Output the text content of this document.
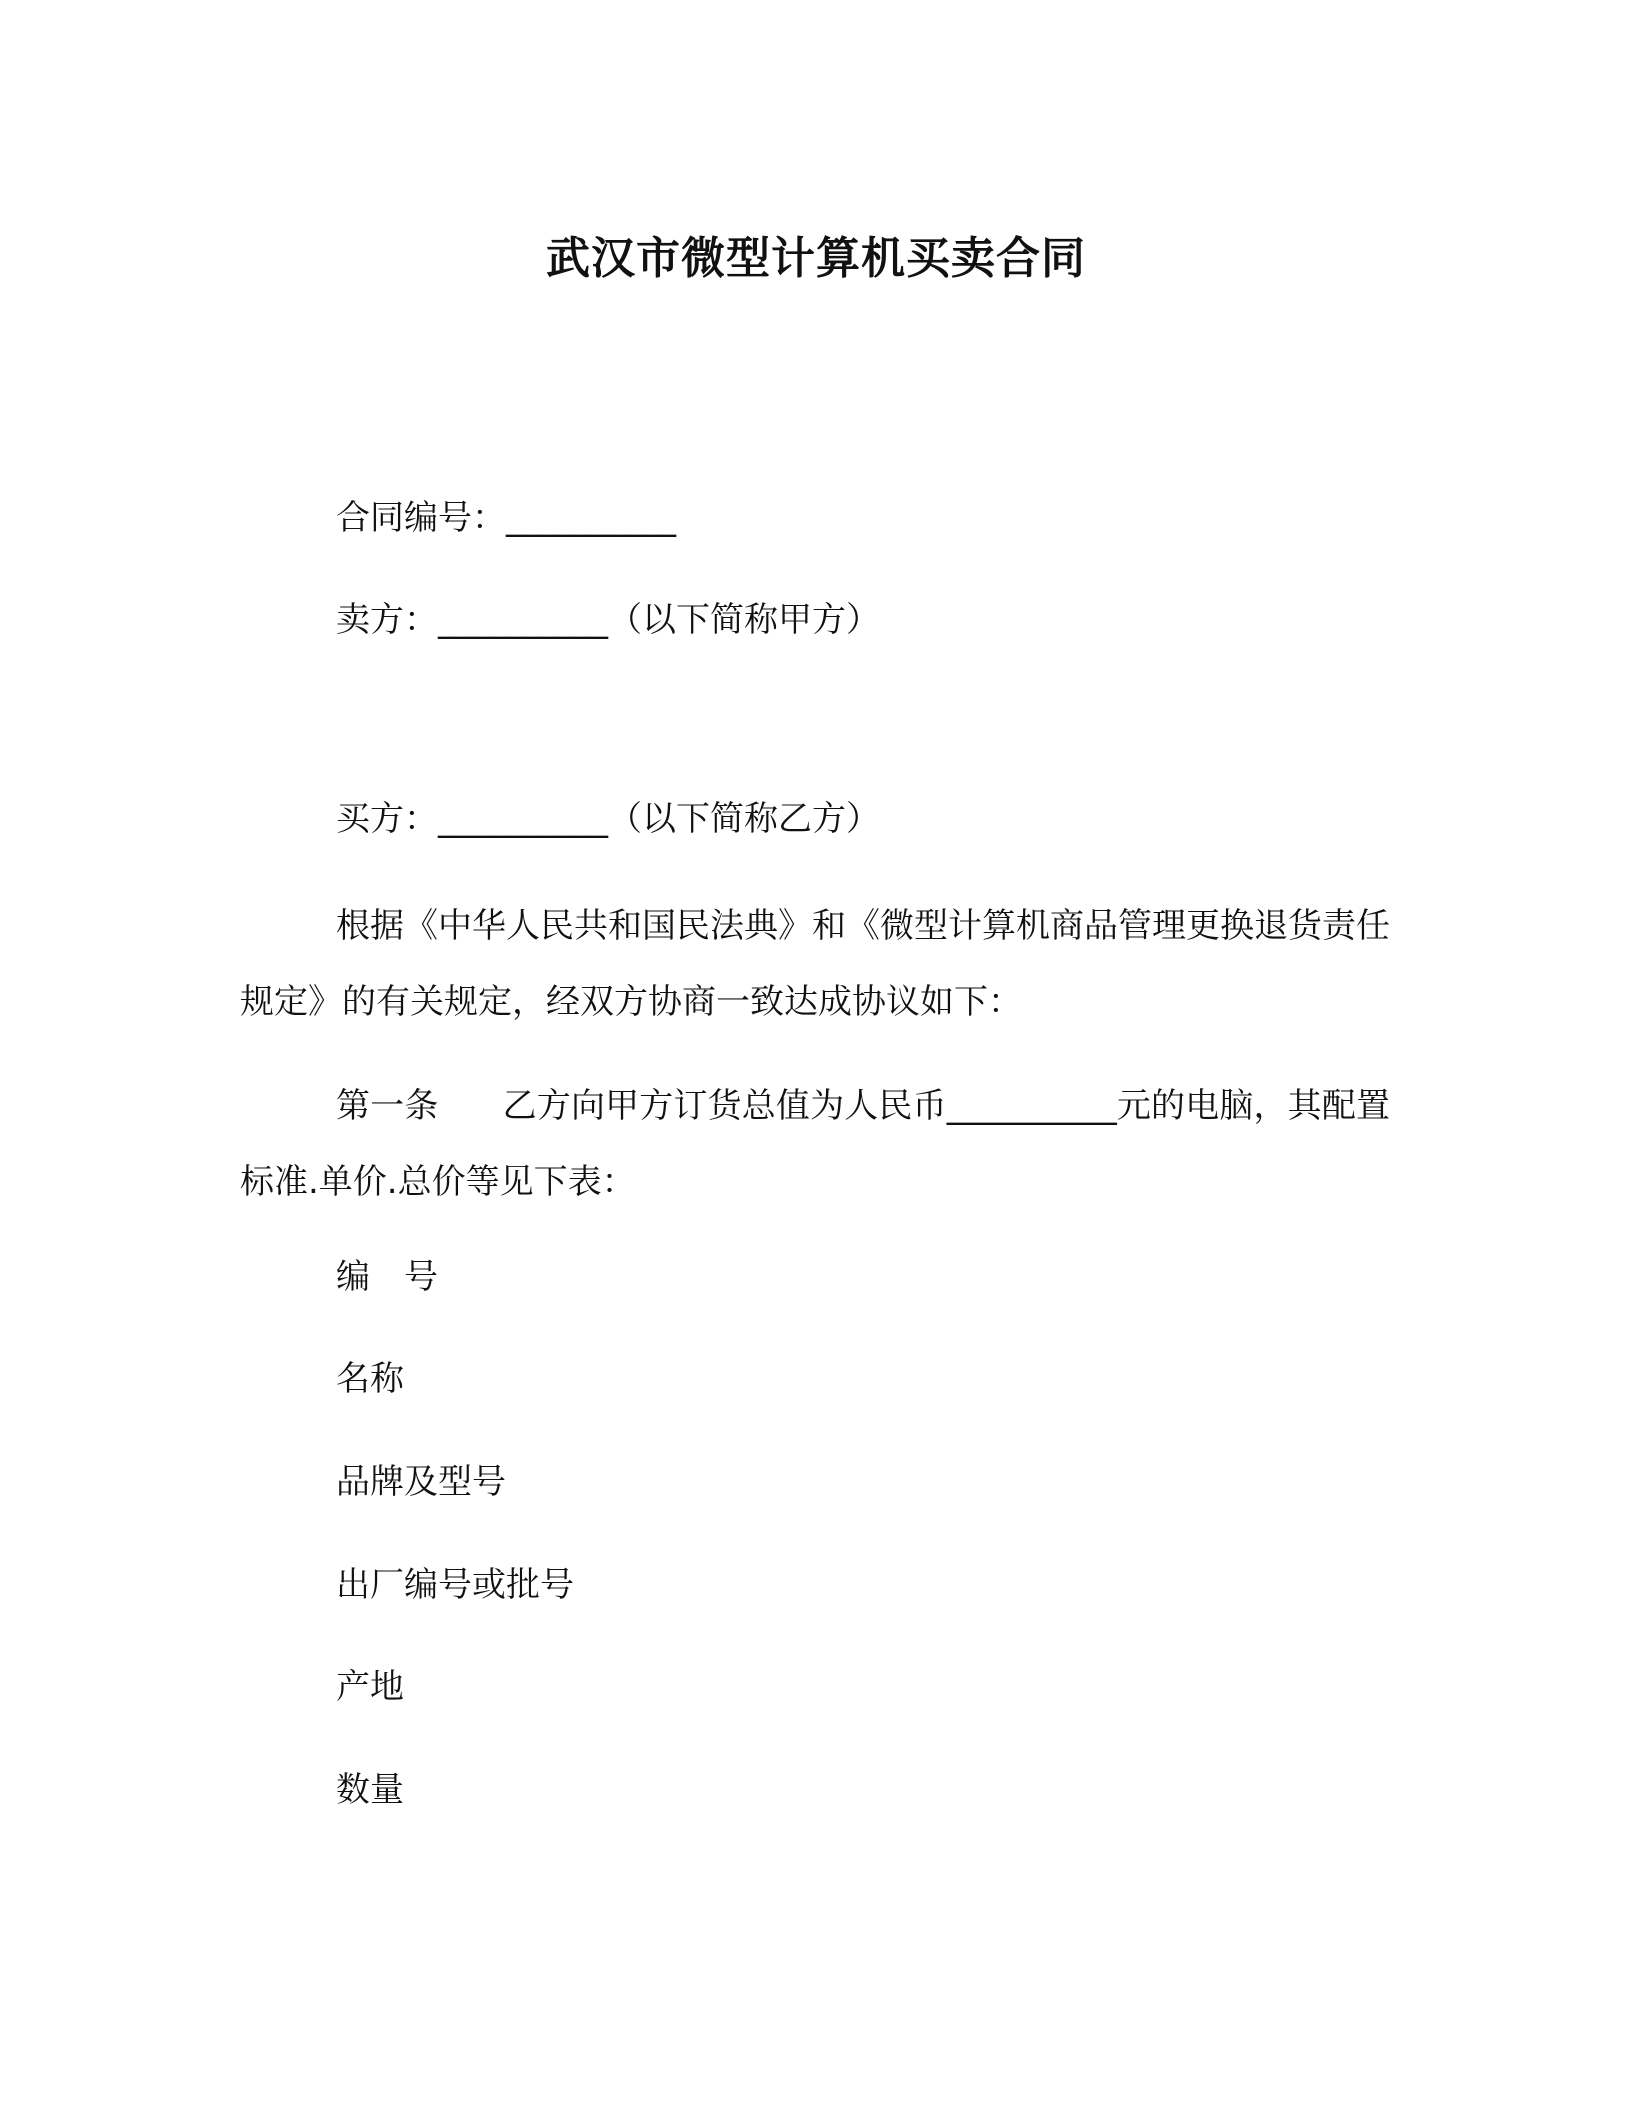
武汉市微型计算机买卖合同
合同编号：__________
卖方：__________（以下简称甲方）
买方：__________（以下简称乙方）
根据《中华人民共和国民法典》和《微型计算机商品管理更换退货责任规定》的有关规定，经双方协商一致达成协议如下：
第一条 乙方向甲方订货总值为人民币__________元的电脑，其配置标准.单价.总价等见下表：
编　号
名称
品牌及型号
出厂编号或批号
产地
数量
